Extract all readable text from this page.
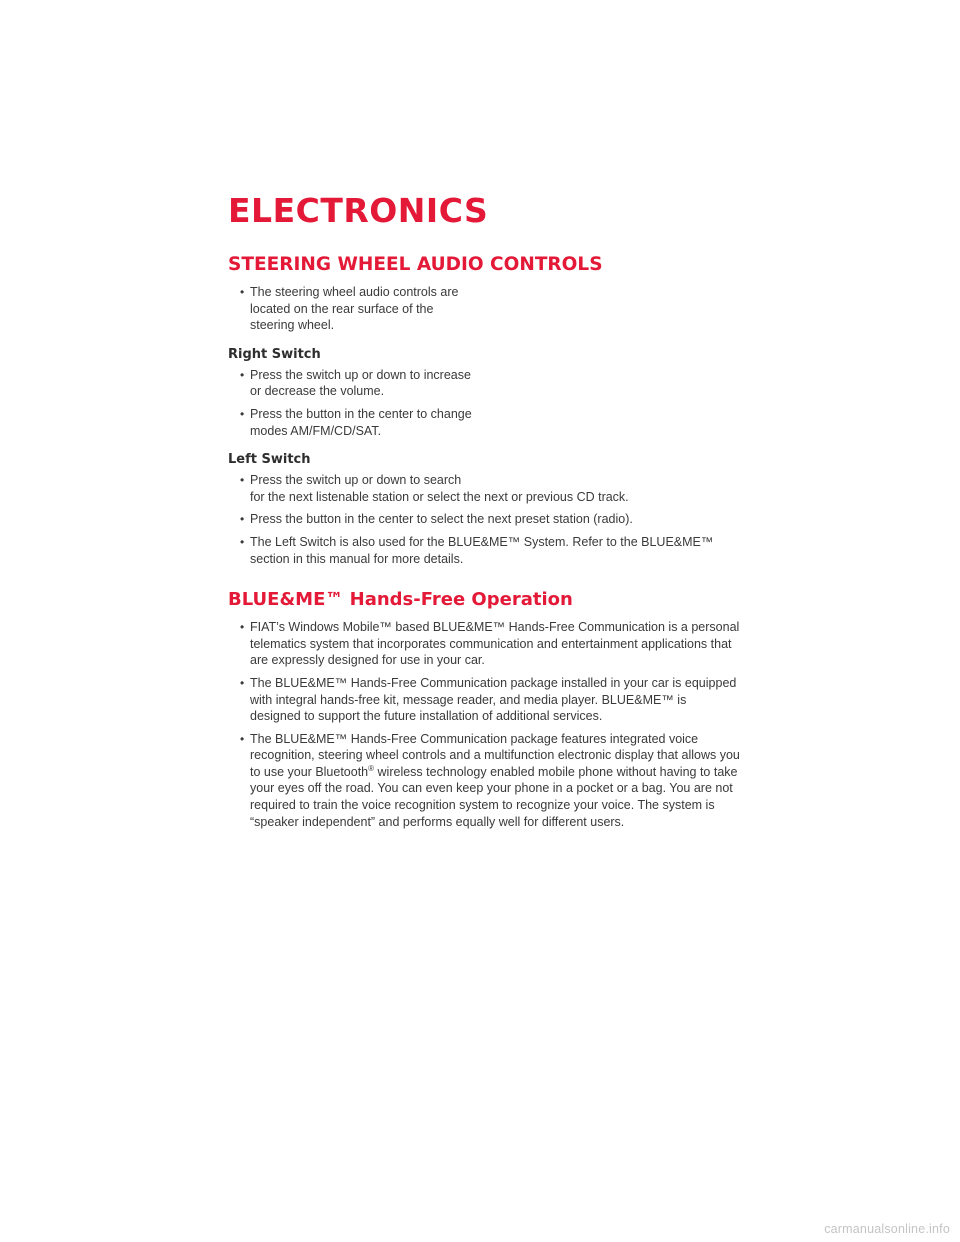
ELECTRONICS
STEERING WHEEL AUDIO CONTROLS
• The steering wheel audio controls are located on the rear surface of the steering wheel.
Right Switch
• Press the switch up or down to increase or decrease the volume.
• Press the button in the center to change modes AM/FM/CD/SAT.
Left Switch
• Press the switch up or down to search
for the next listenable station or select the next or previous CD track.
• Press the button in the center to select the next preset station (radio).
• The Left Switch is also used for the BLUE&ME™ System. Refer to the BLUE&ME™ section in this manual for more details.
BLUE&ME™ Hands-Free Operation
• FIAT’s Windows Mobile™ based BLUE&ME™ Hands-Free Communication is a personal telematics system that incorporates communication and entertainment applications that are expressly designed for use in your car.
• The BLUE&ME™ Hands-Free Communication package installed in your car is equipped with integral hands-free kit, message reader, and media player. BLUE&ME™ is designed to support the future installation of additional services.
• The BLUE&ME™ Hands-Free Communication package features integrated voice recognition, steering wheel controls and a multifunction electronic display that allows you to use your Bluetooth® wireless technology enabled mobile phone without having to take your eyes off the road. You can even keep your phone in a pocket or a bag. You are not required to train the voice recognition system to recognize your voice. The system is “speaker independent” and performs equally well for different users.
carmanualsonline.info
